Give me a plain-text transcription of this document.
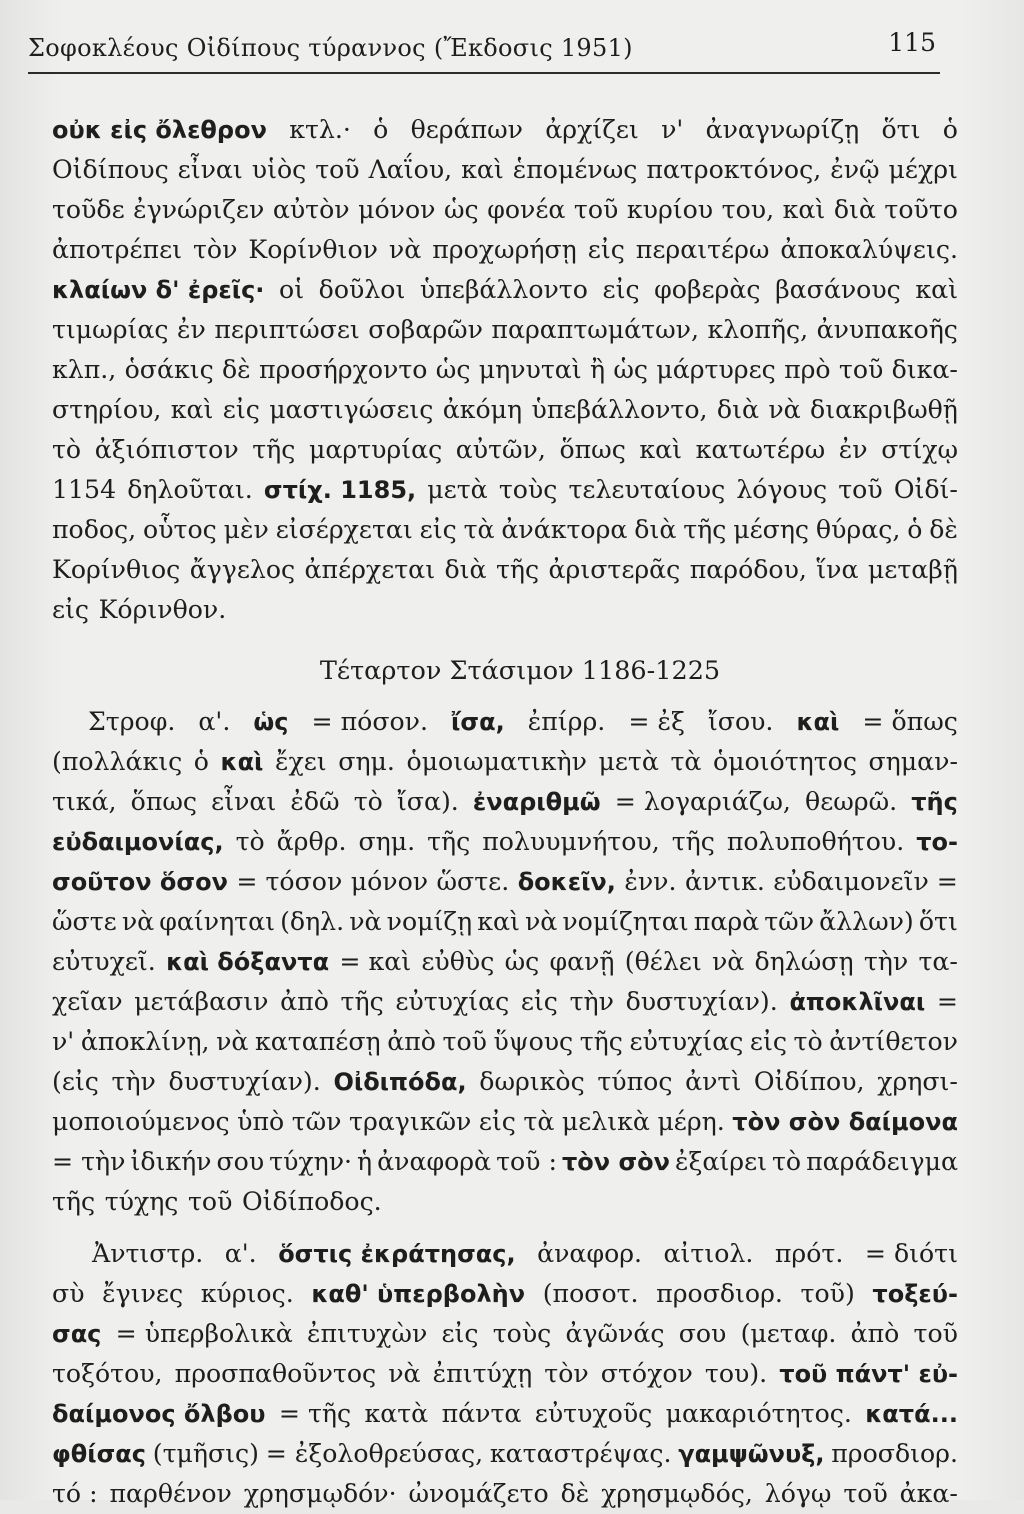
Σοφοκλέους Οἰδίπους τύραννος (Ἔκδοσις 1951)	115
οὐκ εἰς ὄλεθρον κτλ.· ὁ θεράπων ἀρχίζει ν' ἀναγνωρίζῃ ὅτι ὁ
Οἰδίπους εἶναι υἱὸς τοῦ Λαΐου, καὶ ἑπομένως πατροκτόνος, ἐνῷ μέχρι
τοῦδε ἐγνώριζεν αὐτὸν μόνον ὡς φονέα τοῦ κυρίου του, καὶ διὰ τοῦτο
ἀποτρέπει τὸν Κορίνθιον νὰ προχωρήσῃ εἰς περαιτέρω ἀποκαλύψεις.
κλαίων δ' ἐρεῖς· οἱ δοῦλοι ὑπεβάλλοντο εἰς φοβερὰς βασάνους καὶ
τιμωρίας ἐν περιπτώσει σοβαρῶν παραπτωμάτων, κλοπῆς, ἀνυπακοῆς
κλπ., ὁσάκις δὲ προσήρχοντο ὡς μηνυταὶ ἢ ὡς μάρτυρες πρὸ τοῦ δικα-
στηρίου, καὶ εἰς μαστιγώσεις ἀκόμη ὑπεβάλλοντο, διὰ νὰ διακριβωθῇ
τὸ ἀξιόπιστον τῆς μαρτυρίας αὐτῶν, ὅπως καὶ κατωτέρω ἐν στίχῳ
1154 δηλοῦται. στίχ. 1185, μετὰ τοὺς τελευταίους λόγους τοῦ Οἰδί-
ποδος, οὗτος μὲν εἰσέρχεται εἰς τὰ ἀνάκτορα διὰ τῆς μέσης θύρας, ὁ δὲ
Κορίνθιος ἄγγελος ἀπέρχεται διὰ τῆς ἀριστερᾶς παρόδου, ἵνα μεταβῇ
εἰς Κόρινθον.
Τέταρτον Στάσιμον 1186-1225
Στροφ. α'. ὡς = πόσον. ἴσα, ἐπίρρ. = ἐξ ἴσου. καὶ = ὅπως
(πολλάκις ὁ καὶ ἔχει σημ. ὁμοιωματικὴν μετὰ τὰ ὁμοιότητος σημαν-
τικά, ὅπως εἶναι ἐδῶ τὸ ἴσα). ἐναριθμῶ = λογαριάζω, θεωρῶ. τῆς
εὐδαιμονίας, τὸ ἄρθρ. σημ. τῆς πολυυμνήτου, τῆς πολυποθήτου. το-
σοῦτον ὅσον = τόσον μόνον ὥστε. δοκεῖν, ἐνν. ἀντικ. εὐδαιμονεῖν =
ὥστε νὰ φαίνηται (δηλ. νὰ νομίζῃ καὶ νὰ νομίζηται παρὰ τῶν ἄλλων) ὅτι
εὐτυχεῖ. καὶ δόξαντα = καὶ εὐθὺς ὡς φανῇ (θέλει νὰ δηλώσῃ τὴν τα-
χεῖαν μετάβασιν ἀπὸ τῆς εὐτυχίας εἰς τὴν δυστυχίαν). ἀποκλῖναι =
ν' ἀποκλίνῃ, νὰ καταπέσῃ ἀπὸ τοῦ ὕψους τῆς εὐτυχίας εἰς τὸ ἀντίθετον
(εἰς τὴν δυστυχίαν). Οἰδιπόδα, δωρικὸς τύπος ἀντὶ Οἰδίπου, χρησι-
μοποιούμενος ὑπὸ τῶν τραγικῶν εἰς τὰ μελικὰ μέρη. τὸν σὸν δαίμονα
= τὴν ἰδικήν σου τύχην· ἡ ἀναφορὰ τοῦ : τὸν σὸν ἐξαίρει τὸ παράδειγμα
τῆς τύχης τοῦ Οἰδίποδος.
Ἀντιστρ. α'. ὅστις ἐκράτησας, ἀναφορ. αἰτιολ. πρότ. = διότι
σὺ ἔγινες κύριος. καθ' ὑπερβολὴν (ποσοτ. προσδιορ. τοῦ) τοξεύ-
σας = ὑπερβολικὰ ἐπιτυχὼν εἰς τοὺς ἀγῶνάς σου (μεταφ. ἀπὸ τοῦ
τοξότου, προσπαθοῦντος νὰ ἐπιτύχῃ τὸν στόχον του). τοῦ πάντ' εὐ-
δαίμονος ὄλβου = τῆς κατὰ πάντα εὐτυχοῦς μακαριότητος. κατά...
φθίσας (τμῆσις) = ἐξολοθρεύσας, καταστρέψας. γαμψῶνυξ, προσδιορ.
τό : παρθένον χρησμῳδόν· ὠνομάζετο δὲ χρησμῳδός, λόγῳ τοῦ ἀκα-
